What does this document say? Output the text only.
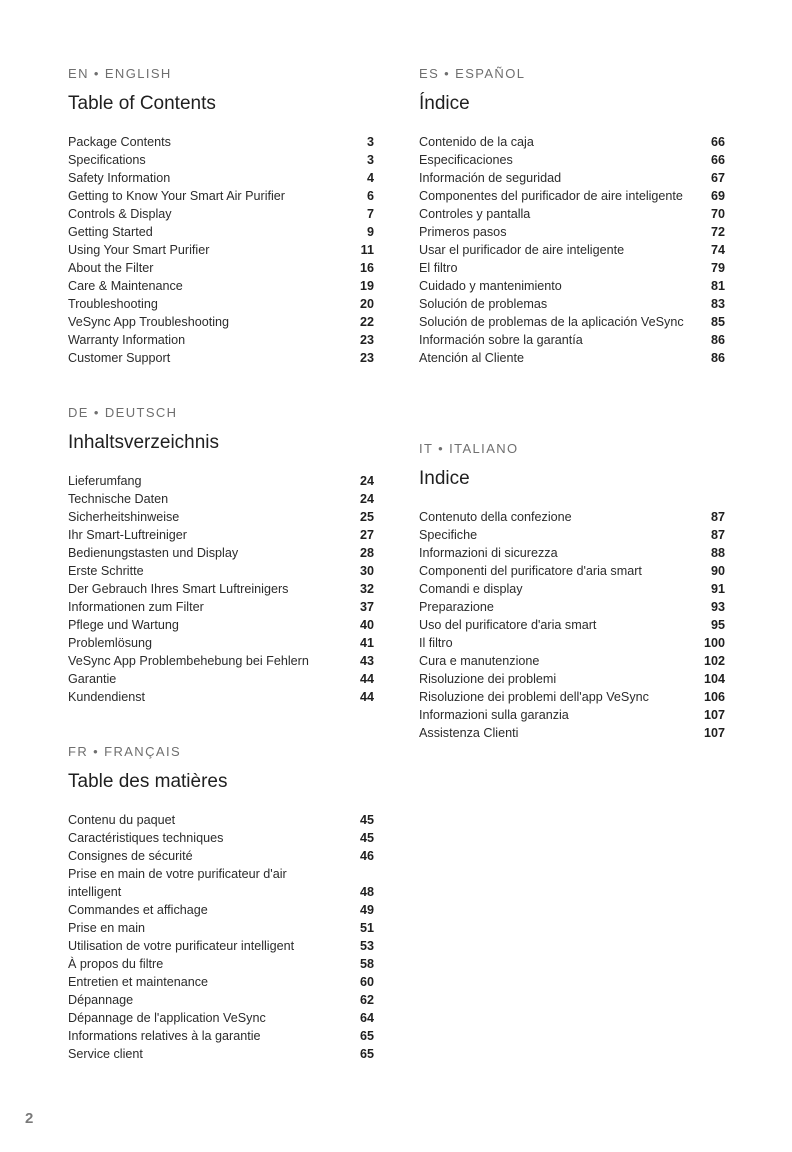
EN • ENGLISH
Table of Contents
Package Contents	3
Specifications	3
Safety Information	4
Getting to Know Your Smart Air Purifier	6
Controls & Display	7
Getting Started	9
Using Your Smart Purifier	11
About the Filter	16
Care & Maintenance	19
Troubleshooting	20
VeSync App Troubleshooting	22
Warranty Information	23
Customer Support	23
DE • DEUTSCH
Inhaltsverzeichnis
Lieferumfang	24
Technische Daten	24
Sicherheitshinweise	25
Ihr Smart-Luftreiniger	27
Bedienungstasten und Display	28
Erste Schritte	30
Der Gebrauch Ihres Smart Luftreinigers	32
Informationen zum Filter	37
Pflege und Wartung	40
Problemlösung	41
VeSync App Problembehebung bei Fehlern	43
Garantie	44
Kundendienst	44
FR • FRANÇAIS
Table des matières
Contenu du paquet	45
Caractéristiques techniques	45
Consignes de sécurité	46
Prise en main de votre purificateur d'air intelligent	48
Commandes et affichage	49
Prise en main	51
Utilisation de votre purificateur intelligent	53
À propos du filtre	58
Entretien et maintenance	60
Dépannage	62
Dépannage de l'application VeSync	64
Informations relatives à la garantie	65
Service client	65
ES • ESPAÑOL
Índice
Contenido de la caja	66
Especificaciones	66
Información de seguridad	67
Componentes del purificador de aire inteligente	69
Controles y pantalla	70
Primeros pasos	72
Usar el purificador de aire inteligente	74
El filtro	79
Cuidado y mantenimiento	81
Solución de problemas	83
Solución de problemas de la aplicación VeSync	85
Información sobre la garantía	86
Atención al Cliente	86
IT • ITALIANO
Indice
Contenuto della confezione	87
Specifiche	87
Informazioni di sicurezza	88
Componenti del purificatore d'aria smart	90
Comandi e display	91
Preparazione	93
Uso del purificatore d'aria smart	95
Il filtro	100
Cura e manutenzione	102
Risoluzione dei problemi	104
Risoluzione dei problemi dell'app VeSync	106
Informazioni sulla garanzia	107
Assistenza Clienti	107
2
